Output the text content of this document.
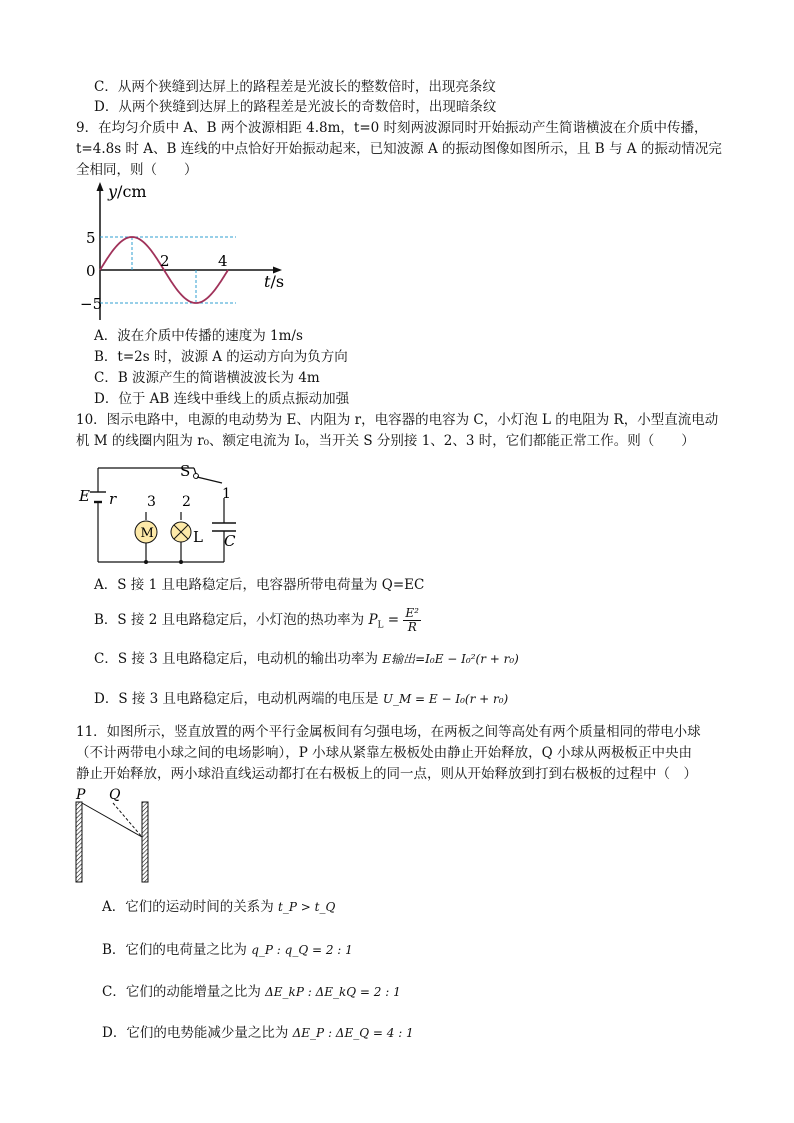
C．从两个狭缝到达屏上的路程差是光波长的整数倍时，出现亮条纹
D．从两个狭缝到达屏上的路程差是光波长的奇数倍时，出现暗条纹
9．在均匀介质中 A、B 两个波源相距 4.8m，t=0 时刻两波源同时开始振动产生简谐横波在介质中传播，
t=4.8s 时 A、B 连线的中点恰好开始振动起来，已知波源 A 的振动图像如图所示，且 B 与 A 的振动情况完
全相同，则（　　）
y/cm
t/s
5
0
−5
2	4
A．波在介质中传播的速度为 1m/s
B．t=2s 时，波源 A 的运动方向为负方向
C．B 波源产生的简谐横波波长为 4m
D．位于 AB 连线中垂线上的质点振动加强
10．图示电路中，电源的电动势为 E、内阻为 r，电容器的电容为 C，小灯泡 L 的电阻为 R，小型直流电动
机 M 的线圈内阻为 r₀、额定电流为 I₀，当开关 S 分别接 1、2、3 时，它们都能正常工作。则（　　）
E r
S
M
3 2
L
1
C
A．S 接 1 且电路稳定后，电容器所带电荷量为 Q=EC
B．S 接 2 且电路稳定后，小灯泡的热功率为 $P_L = \frac{\text{E²}}{R}$
C．S 接 3 且电路稳定后，电动机的输出功率为 E输出=I₀E − I₀²(r + r₀)
D．S 接 3 且电路稳定后，电动机两端的电压是 U_M = E − I₀(r + r₀)
11．如图所示，竖直放置的两个平行金属板间有匀强电场，在两板之间等高处有两个质量相同的带电小球
（不计两带电小球之间的电场影响），P 小球从紧靠左极板处由静止开始释放，Q 小球从两极板正中央由
静止开始释放，两小球沿直线运动都打在右极板上的同一点，则从开始释放到打到右极板的过程中（　）
P Q
A．它们的运动时间的关系为 t_P > t_Q
B．它们的电荷量之比为 q_P : q_Q = 2 : 1
C．它们的动能增量之比为 ΔE_kP : ΔE_kQ = 2 : 1
D．它们的电势能减少量之比为 ΔE_P : ΔE_Q = 4 : 1
